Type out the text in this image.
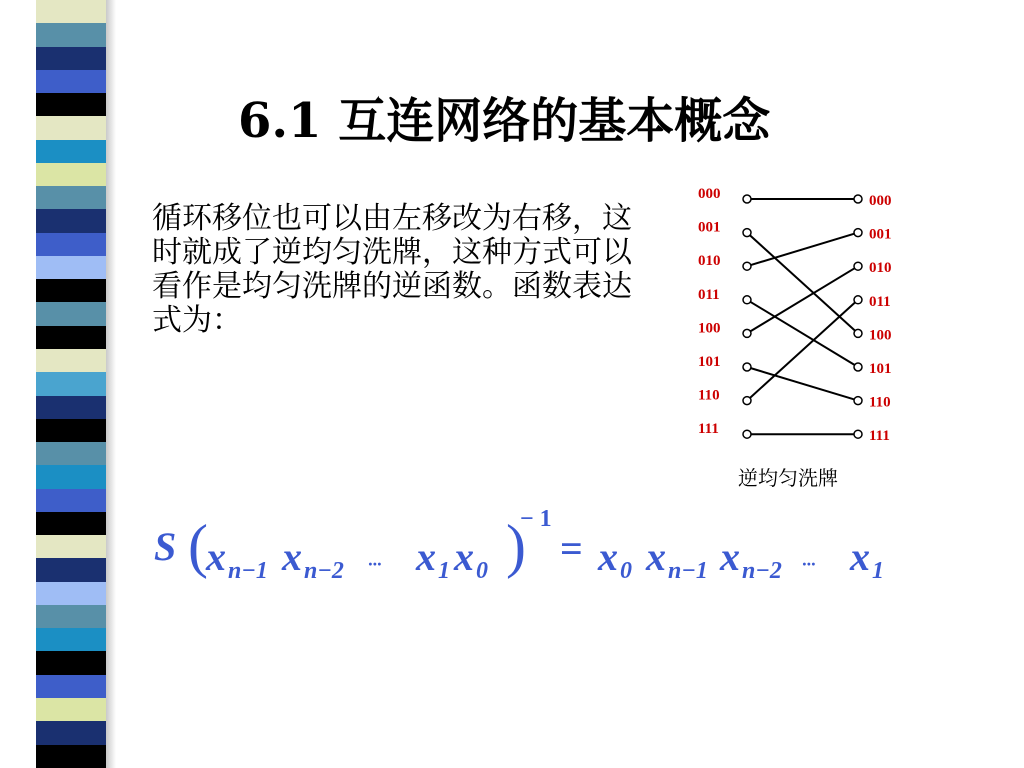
6.1 互连网络的基本概念
循环移位也可以由左移改为右移，这时就成了逆均匀洗牌，这种方式可以看作是均匀洗牌的逆函数。函数表达式为：
000
001
010
011
100
101
110
111
000
001
010
011
100
101
110
111
逆均匀洗牌
S (
x n−1 x n−2 ··· x 1 x 0 )
− 1
= x 0 x n−1 x n−2 ··· x 1
